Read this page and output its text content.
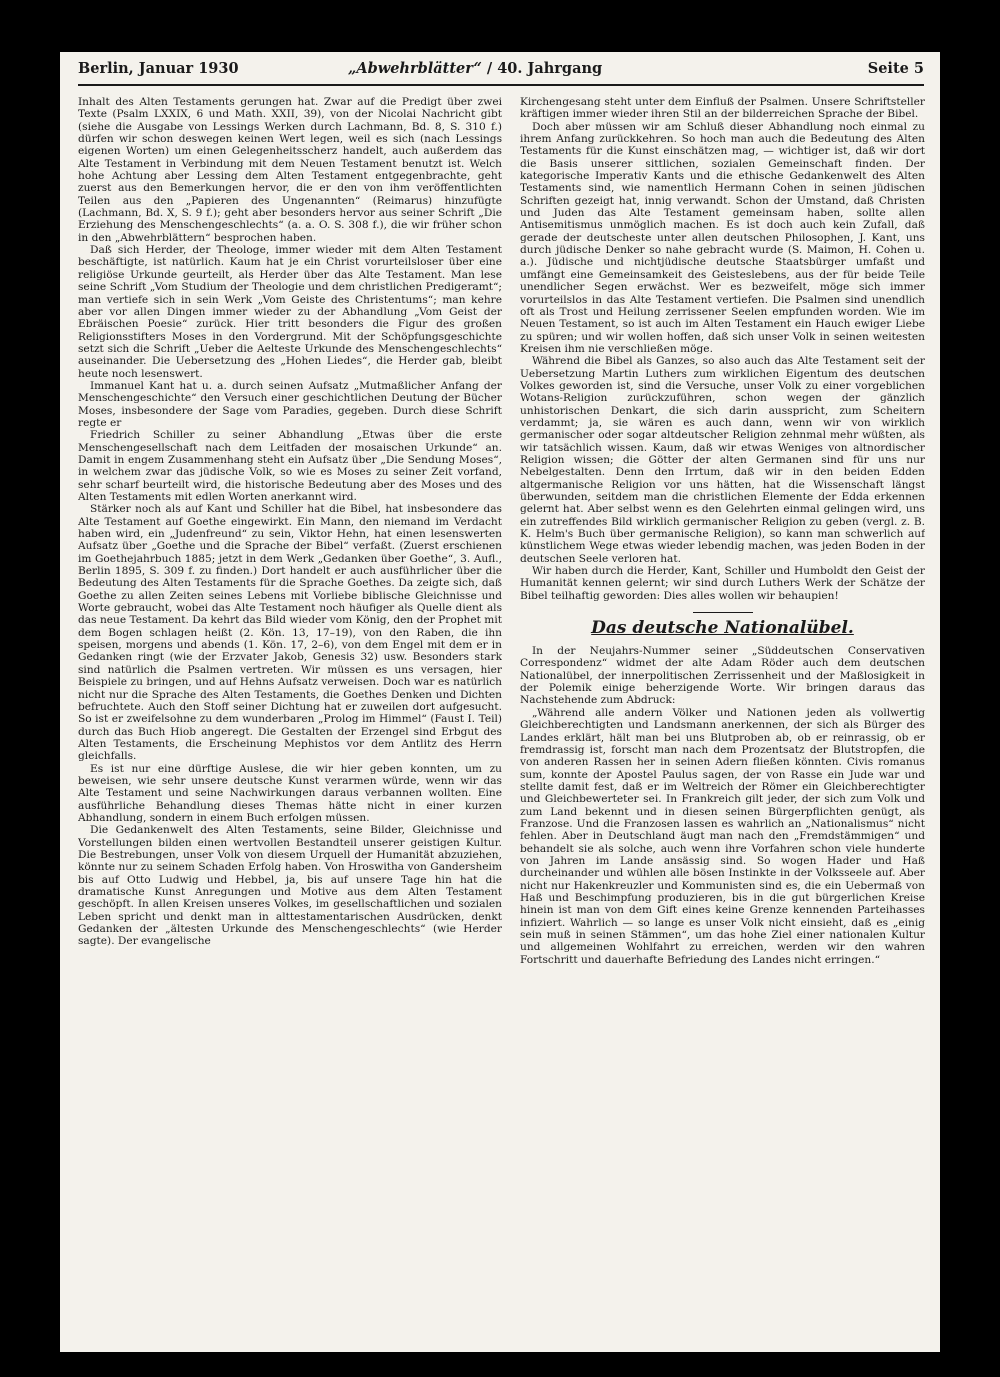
Berlin, Januar 1930	„Abwehrblätter“ / 40. Jahrgang	Seite 5

Inhalt des Alten Testaments gerungen hat. Zwar auf die Predigt über zwei Texte (Psalm LXXIX, 6 und Math. XXII, 39), von der Nicolai Nachricht gibt (siehe die Ausgabe von Lessings Werken durch Lachmann, Bd. 8, S. 310 f.) dürfen wir schon deswegen keinen Wert legen, weil es sich (nach Lessings eigenen Worten) um einen Gelegenheitsscherz handelt, auch außerdem das Alte Testament in Verbindung mit dem Neuen Testament benutzt ist. Welch hohe Achtung aber Lessing dem Alten Testament entgegenbrachte, geht zuerst aus den Bemerkungen hervor, die er den von ihm veröffentlichten Teilen aus den „Papieren des Ungenannten“ (Reimarus) hinzufügte (Lachmann, Bd. X, S. 9 f.); geht aber besonders hervor aus seiner Schrift „Die Erziehung des Menschengeschlechts“ (a. a. O. S. 308 f.), die wir früher schon in den „Abwehrblättern“ besprochen haben.

Daß sich Herder, der Theologe, immer wieder mit dem Alten Testament beschäftigte, ist natürlich. Kaum hat je ein Christ vorurteilsloser über eine religiöse Urkunde geurteilt, als Herder über das Alte Testament. Man lese seine Schrift „Vom Studium der Theologie und dem christlichen Predigeramt“; man vertiefe sich in sein Werk „Vom Geiste des Christentums“; man kehre aber vor allen Dingen immer wieder zu der Abhandlung „Vom Geist der Ebräischen Poesie“ zurück. Hier tritt besonders die Figur des großen Religionsstifters Moses in den Vordergrund. Mit der Schöpfungsgeschichte setzt sich die Schrift „Ueber die Aelteste Urkunde des Menschengeschlechts“ auseinander. Die Uebersetzung des „Hohen Liedes“, die Herder gab, bleibt heute noch lesenswert.

Immanuel Kant hat u. a. durch seinen Aufsatz „Mutmaßlicher Anfang der Menschengeschichte“ den Versuch einer geschichtlichen Deutung der Bücher Moses, insbesondere der Sage vom Paradies, gegeben. Durch diese Schrift regte er

Friedrich Schiller zu seiner Abhandlung „Etwas über die erste Menschengesellschaft nach dem Leitfaden der mosaischen Urkunde“ an. Damit in engem Zusammenhang steht ein Aufsatz über „Die Sendung Moses“, in welchem zwar das jüdische Volk, so wie es Moses zu seiner Zeit vorfand, sehr scharf beurteilt wird, die historische Bedeutung aber des Moses und des Alten Testaments mit edlen Worten anerkannt wird.

Stärker noch als auf Kant und Schiller hat die Bibel, hat insbesondere das Alte Testament auf Goethe eingewirkt. Ein Mann, den niemand im Verdacht haben wird, ein „Judenfreund“ zu sein, Viktor Hehn, hat einen lesenswerten Aufsatz über „Goethe und die Sprache der Bibel“ verfaßt. (Zuerst erschienen im Goethejahrbuch 1885; jetzt in dem Werk „Gedanken über Goethe“, 3. Aufl., Berlin 1895, S. 309 f. zu finden.) Dort handelt er auch ausführlicher über die Bedeutung des Alten Testaments für die Sprache Goethes. Da zeigte sich, daß Goethe zu allen Zeiten seines Lebens mit Vorliebe biblische Gleichnisse und Worte gebraucht, wobei das Alte Testament noch häufiger als Quelle dient als das neue Testament. Da kehrt das Bild wieder vom König, den der Prophet mit dem Bogen schlagen heißt (2. Kön. 13, 17–19), von den Raben, die ihn speisen, morgens und abends (1. Kön. 17, 2–6), von dem Engel mit dem er in Gedanken ringt (wie der Erzvater Jakob, Genesis 32) usw. Besonders stark sind natürlich die Psalmen vertreten. Wir müssen es uns versagen, hier Beispiele zu bringen, und auf Hehns Aufsatz verweisen. Doch war es natürlich nicht nur die Sprache des Alten Testaments, die Goethes Denken und Dichten befruchtete. Auch den Stoff seiner Dichtung hat er zuweilen dort aufgesucht. So ist er zweifelsohne zu dem wunderbaren „Prolog im Himmel“ (Faust I. Teil) durch das Buch Hiob angeregt. Die Gestalten der Erzengel sind Erbgut des Alten Testaments, die Erscheinung Mephistos vor dem Antlitz des Herrn gleichfalls.

Es ist nur eine dürftige Auslese, die wir hier geben konnten, um zu beweisen, wie sehr unsere deutsche Kunst verarmen würde, wenn wir das Alte Testament und seine Nachwirkungen daraus verbannen wollten. Eine ausführliche Behandlung dieses Themas hätte nicht in einer kurzen Abhandlung, sondern in einem Buch erfolgen müssen.

Die Gedankenwelt des Alten Testaments, seine Bilder, Gleichnisse und Vorstellungen bilden einen wertvollen Bestandteil unserer geistigen Kultur. Die Bestrebungen, unser Volk von diesem Urquell der Humanität abzuziehen, könnte nur zu seinem Schaden Erfolg haben. Von Hroswitha von Gandersheim bis auf Otto Ludwig und Hebbel, ja, bis auf unsere Tage hin hat die dramatische Kunst Anregungen und Motive aus dem Alten Testament geschöpft. In allen Kreisen unseres Volkes, im gesellschaftlichen und sozialen Leben spricht und denkt man in alttestamentarischen Ausdrücken, denkt Gedanken der „ältesten Urkunde des Menschengeschlechts“ (wie Herder sagte). Der evangelische

Kirchengesang steht unter dem Einfluß der Psalmen. Unsere Schriftsteller kräftigen immer wieder ihren Stil an der bilderreichen Sprache der Bibel.

Doch aber müssen wir am Schluß dieser Abhandlung noch einmal zu ihrem Anfang zurückkehren. So hoch man auch die Bedeutung des Alten Testaments für die Kunst einschätzen mag, — wichtiger ist, daß wir dort die Basis unserer sittlichen, sozialen Gemeinschaft finden. Der kategorische Imperativ Kants und die ethische Gedankenwelt des Alten Testaments sind, wie namentlich Hermann Cohen in seinen jüdischen Schriften gezeigt hat, innig verwandt. Schon der Umstand, daß Christen und Juden das Alte Testament gemeinsam haben, sollte allen Antisemitismus unmöglich machen. Es ist doch auch kein Zufall, daß gerade der deutscheste unter allen deutschen Philosophen, J. Kant, uns durch jüdische Denker so nahe gebracht wurde (S. Maimon, H. Cohen u. a.). Jüdische und nichtjüdische deutsche Staatsbürger umfaßt und umfängt eine Gemeinsamkeit des Geisteslebens, aus der für beide Teile unendlicher Segen erwächst. Wer es bezweifelt, möge sich immer vorurteilslos in das Alte Testament vertiefen. Die Psalmen sind unendlich oft als Trost und Heilung zerrissener Seelen empfunden worden. Wie im Neuen Testament, so ist auch im Alten Testament ein Hauch ewiger Liebe zu spüren; und wir wollen hoffen, daß sich unser Volk in seinen weitesten Kreisen ihm nie verschließen möge.

Während die Bibel als Ganzes, so also auch das Alte Testament seit der Uebersetzung Martin Luthers zum wirklichen Eigentum des deutschen Volkes geworden ist, sind die Versuche, unser Volk zu einer vorgeblichen Wotans-Religion zurückzuführen, schon wegen der gänzlich unhistorischen Denkart, die sich darin ausspricht, zum Scheitern verdammt; ja, sie wären es auch dann, wenn wir von wirklich germanischer oder sogar altdeutscher Religion zehnmal mehr wüßten, als wir tatsächlich wissen. Kaum, daß wir etwas Weniges von altnordischer Religion wissen; die Götter der alten Germanen sind für uns nur Nebelgestalten. Denn den Irrtum, daß wir in den beiden Edden altgermanische Religion vor uns hätten, hat die Wissenschaft längst überwunden, seitdem man die christlichen Elemente der Edda erkennen gelernt hat. Aber selbst wenn es den Gelehrten einmal gelingen wird, uns ein zutreffendes Bild wirklich germanischer Religion zu geben (vergl. z. B. K. Helm's Buch über germanische Religion), so kann man schwerlich auf künstlichem Wege etwas wieder lebendig machen, was jeden Boden in der deutschen Seele verloren hat.

Wir haben durch die Herder, Kant, Schiller und Humboldt den Geist der Humanität kennen gelernt; wir sind durch Luthers Werk der Schätze der Bibel teilhaftig geworden: Dies alles wollen wir behaupien!

Das deutsche Nationalübel.

In der Neujahrs-Nummer seiner „Süddeutschen Conservativen Correspondenz“ widmet der alte Adam Röder auch dem deutschen Nationalübel, der innerpolitischen Zerrissenheit und der Maßlosigkeit in der Polemik einige beherzigende Worte. Wir bringen daraus das Nachstehende zum Abdruck:

„Während alle andern Völker und Nationen jeden als vollwertig Gleichberechtigten und Landsmann anerkennen, der sich als Bürger des Landes erklärt, hält man bei uns Blutproben ab, ob er reinrassig, ob er fremdrassig ist, forscht man nach dem Prozentsatz der Blutstropfen, die von anderen Rassen her in seinen Adern fließen könnten. Civis romanus sum, konnte der Apostel Paulus sagen, der von Rasse ein Jude war und stellte damit fest, daß er im Weltreich der Römer ein Gleichberechtigter und Gleichbewerteter sei. In Frankreich gilt jeder, der sich zum Volk und zum Land bekennt und in diesen seinen Bürgerpflichten genügt, als Franzose. Und die Franzosen lassen es wahrlich an „Nationalismus“ nicht fehlen. Aber in Deutschland äugt man nach den „Fremdstämmigen“ und behandelt sie als solche, auch wenn ihre Vorfahren schon viele hunderte von Jahren im Lande ansässig sind. So wogen Hader und Haß durcheinander und wühlen alle bösen Instinkte in der Volksseele auf. Aber nicht nur Hakenkreuzler und Kommunisten sind es, die ein Uebermaß von Haß und Beschimpfung produzieren, bis in die gut bürgerlichen Kreise hinein ist man von dem Gift eines keine Grenze kennenden Parteihasses infiziert. Wahrlich — so lange es unser Volk nicht einsieht, daß es „einig sein muß in seinen Stämmen“, um das hohe Ziel einer nationalen Kultur und allgemeinen Wohlfahrt zu erreichen, werden wir den wahren Fortschritt und dauerhafte Befriedung des Landes nicht erringen.“
